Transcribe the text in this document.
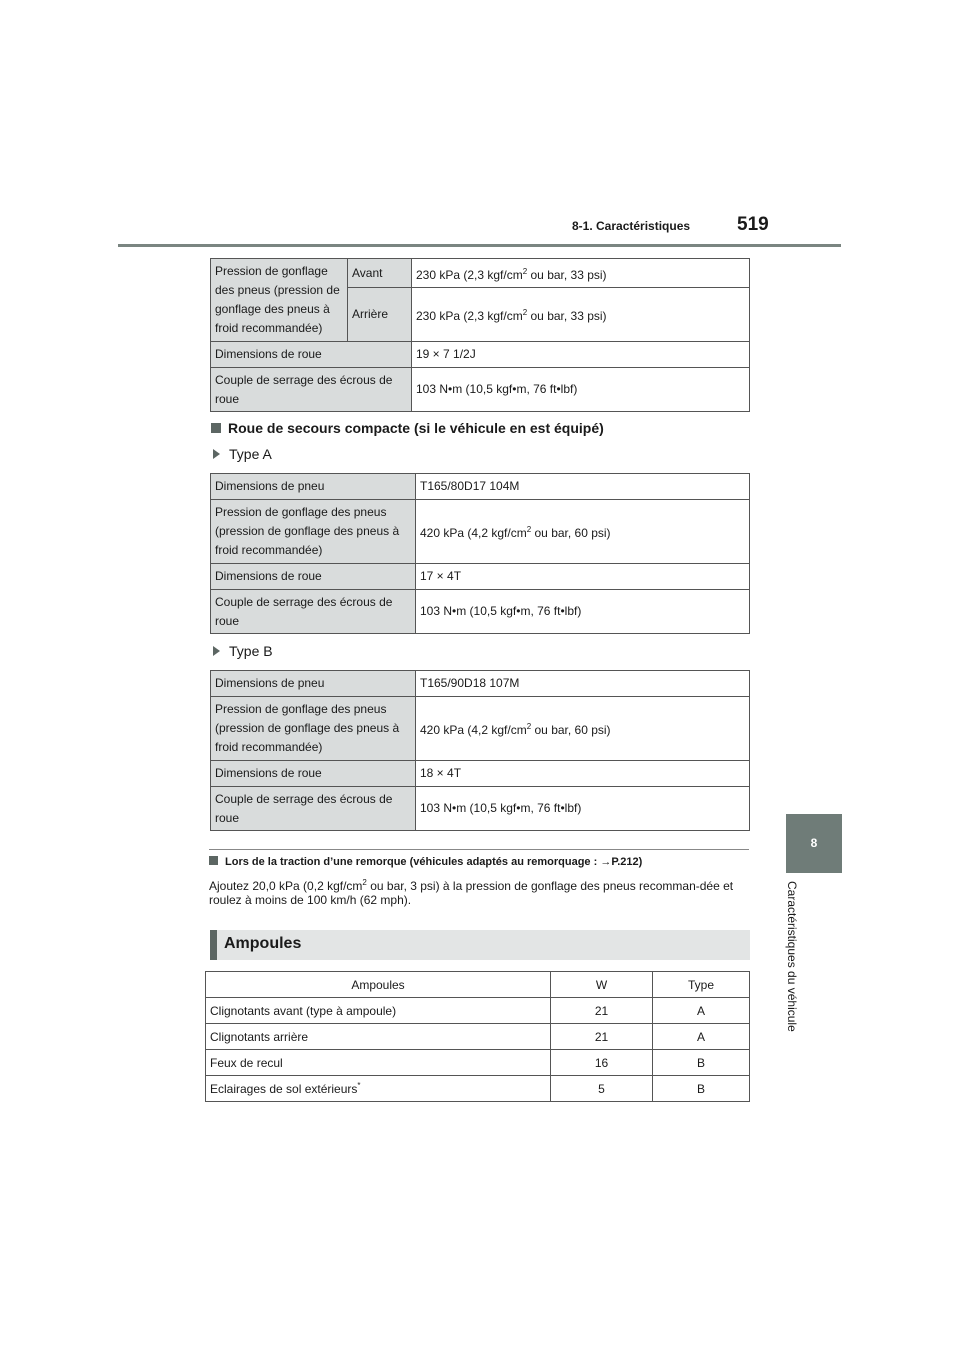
8-1. Caractéristiques 519
8
Caractéristiques du véhicule
Pression de gonflage des pneus (pression de gonflage des pneus à froid recommandée)	Avant	230 kPa (2,3 kgf/$cm^2$ ou bar, 33 psi)
	Arrière	230 kPa (2,3 kgf/$cm^2$ ou bar, 33 psi)
Dimensions de roue		19 × 7 1/2J
Couple de serrage des écrous de roue		103 N•m (10,5 kgf•m, 76 ft•lbf)
Roue de secours compacte (si le véhicule en est équipé)
Type A
Dimensions de pneu	T165/80D17 104M
Pression de gonflage des pneus (pression de gonflage des pneus à froid recommandée)	420 kPa (4,2 kgf/$cm^2$ ou bar, 60 psi)
Dimensions de roue	17 × 4T
Couple de serrage des écrous de roue	103 N•m (10,5 kgf•m, 76 ft•lbf)
Type B
Dimensions de pneu	T165/90D18 107M
Pression de gonflage des pneus (pression de gonflage des pneus à froid recommandée)	420 kPa (4,2 kgf/$cm^2$ ou bar, 60 psi)
Dimensions de roue	18 × 4T
Couple de serrage des écrous de roue	103 N•m (10,5 kgf•m, 76 ft•lbf)
Lors de la traction d’une remorque (véhicules adaptés au remorquage : →P.212)
Ajoutez 20,0 kPa (0,2 kgf/$cm^2$ ou bar, 3 psi) à la pression de gonflage des pneus recomman-dée et roulez à moins de 100 km/h (62 mph).
Ampoules
Ampoules	W	Type
Clignotants avant (type à ampoule)	21	A
Clignotants arrière	21	A
Feux de recul	16	B
Eclairages de sol extérieurs*	5	B
